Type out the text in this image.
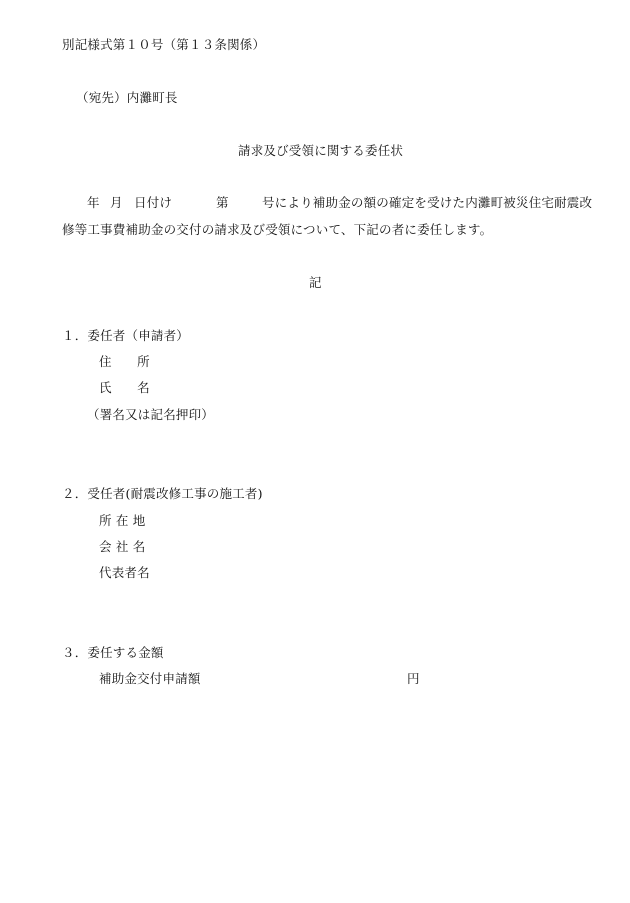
別記様式第１０号（第１３条関係）
（宛先）内灘町長
請求及び受領に関する委任状
年 月 日付け	第	号により補助金の額の確定を受けた内灘町被災住宅耐震改
修等工事費補助金の交付の請求及び受領について、下記の者に委任します。
記
１．委任者（申請者）
住　　所
氏　　名
（署名又は記名押印）
２．受任者(耐震改修工事の施工者)
所 在 地
会 社 名
代表者名
３．委任する金額
補助金交付申請額	円
